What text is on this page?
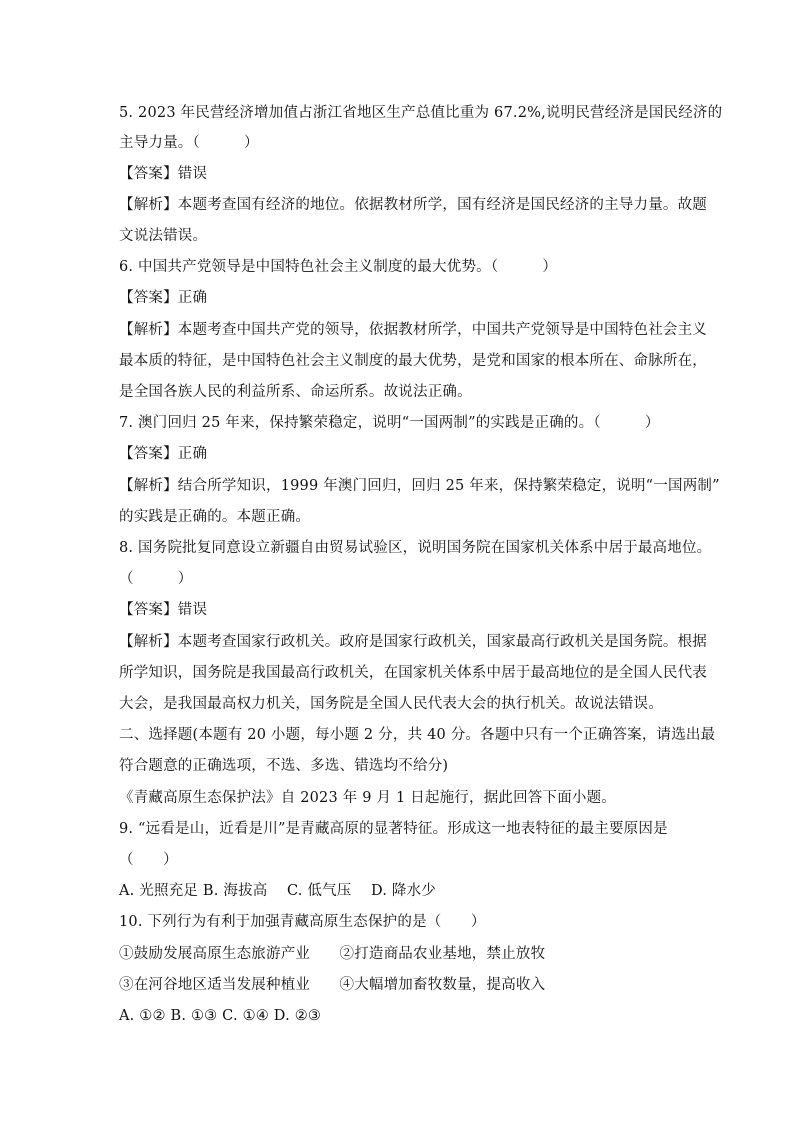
5. 2023 年民营经济增加值占浙江省地区生产总值比重为 67.2%,说明民营经济是国民经济的
主导力量。（　　　）
【答案】错误
【解析】本题考查国有经济的地位。依据教材所学，国有经济是国民经济的主导力量。故题
文说法错误。
6. 中国共产党领导是中国特色社会主义制度的最大优势。（　　　）
【答案】正确
【解析】本题考查中国共产党的领导，依据教材所学，中国共产党领导是中国特色社会主义
最本质的特征，是中国特色社会主义制度的最大优势，是党和国家的根本所在、命脉所在，
是全国各族人民的利益所系、命运所系。故说法正确。
7. 澳门回归 25 年来，保持繁荣稳定，说明“一国两制”的实践是正确的。（　　　）
【答案】正确
【解析】结合所学知识，1999 年澳门回归，回归 25 年来，保持繁荣稳定，说明“一国两制”
的实践是正确的。本题正确。
8. 国务院批复同意设立新疆自由贸易试验区，说明国务院在国家机关体系中居于最高地位。
（　　　）
【答案】错误
【解析】本题考查国家行政机关。政府是国家行政机关，国家最高行政机关是国务院。根据
所学知识，国务院是我国最高行政机关，在国家机关体系中居于最高地位的是全国人民代表
大会，是我国最高权力机关，国务院是全国人民代表大会的执行机关。故说法错误。
二、选择题(本题有 20 小题，每小题 2 分，共 40 分。各题中只有一个正确答案，请选出最
符合题意的正确选项，不选、多选、错选均不给分)
《青藏高原生态保护法》自 2023 年 9 月 1 日起施行，据此回答下面小题。
9. “远看是山，近看是川”是青藏高原的显著特征。形成这一地表特征的最主要原因是
（　　）
A. 光照充足 B. 海拔高　 C. 低气压　 D. 降水少
10. 下列行为有利于加强青藏高原生态保护的是（　　）
①鼓励发展高原生态旅游产业　　②打造商品农业基地，禁止放牧
③在河谷地区适当发展种植业　　④大幅增加畜牧数量，提高收入
A. ①② B. ①③ C. ①④ D. ②③
